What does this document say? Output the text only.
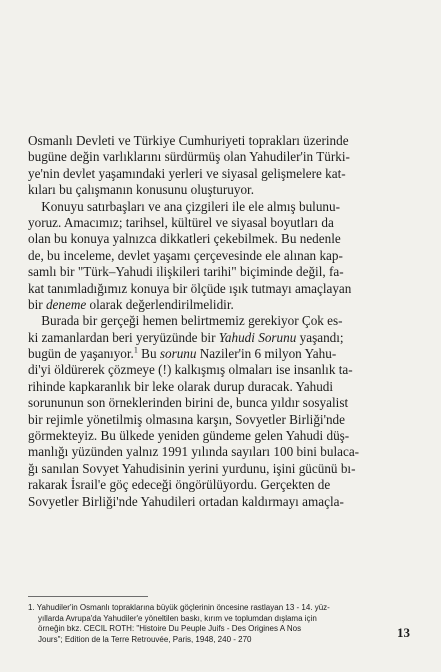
Osmanlı Devleti ve Türkiye Cumhuriyeti toprakları üzerinde
bugüne değin varlıklarını sürdürmüş olan Yahudiler'in Türki-
ye'nin devlet yaşamındaki yerleri ve siyasal gelişmelere kat-
kıları bu çalışmanın konusunu oluşturuyor.
Konuyu satırbaşları ve ana çizgileri ile ele almış bulunu-
yoruz. Amacımız; tarihsel, kültürel ve siyasal boyutları da
olan bu konuya yalnızca dikkatleri çekebilmek. Bu nedenle
de, bu inceleme, devlet yaşamı çerçevesinde ele alınan kap-
samlı bir "Türk–Yahudi ilişkileri tarihi" biçiminde değil, fa-
kat tanımladığımız konuya bir ölçüde ışık tutmayı amaçlayan
bir deneme olarak değerlendirilmelidir.
Burada bir gerçeği hemen belirtmemiz gerekiyor Çok es-
ki zamanlardan beri yeryüzünde bir Yahudi Sorunu yaşandı;
bugün de yaşanıyor.$^1$ Bu sorunu Naziler'in 6 milyon Yahu-
di'yi öldürerek çözmeye (!) kalkışmış olmaları ise insanlık ta-
rihinde kapkaranlık bir leke olarak durup duracak. Yahudi
sorununun son örneklerinden birini de, bunca yıldır sosyalist
bir rejimle yönetilmiş olmasına karşın, Sovyetler Birliği'nde
görmekteyiz. Bu ülkede yeniden gündeme gelen Yahudi düş-
manlığı yüzünden yalnız 1991 yılında sayıları 100 bini bulaca-
ğı sanılan Sovyet Yahudisinin yerini yurdunu, işini gücünü bı-
rakarak İsrail'e göç edeceği öngörülüyordu. Gerçekten de
Sovyetler Birliği'nde Yahudileri ortadan kaldırmayı amaçla-
1. Yahudiler'in Osmanlı topraklarına büyük göçlerinin öncesine rastlayan 13 - 14. yüz-
yıllarda Avrupa'da Yahudiler'e yöneltilen baskı, kırım ve toplumdan dışlama için
örneğin bkz. CECIL ROTH: "Histoire Du Peuple Juifs - Des Origines A Nos
Jours"; Edition de la Terre Retrouvée, Paris, 1948, 240 - 270	13
